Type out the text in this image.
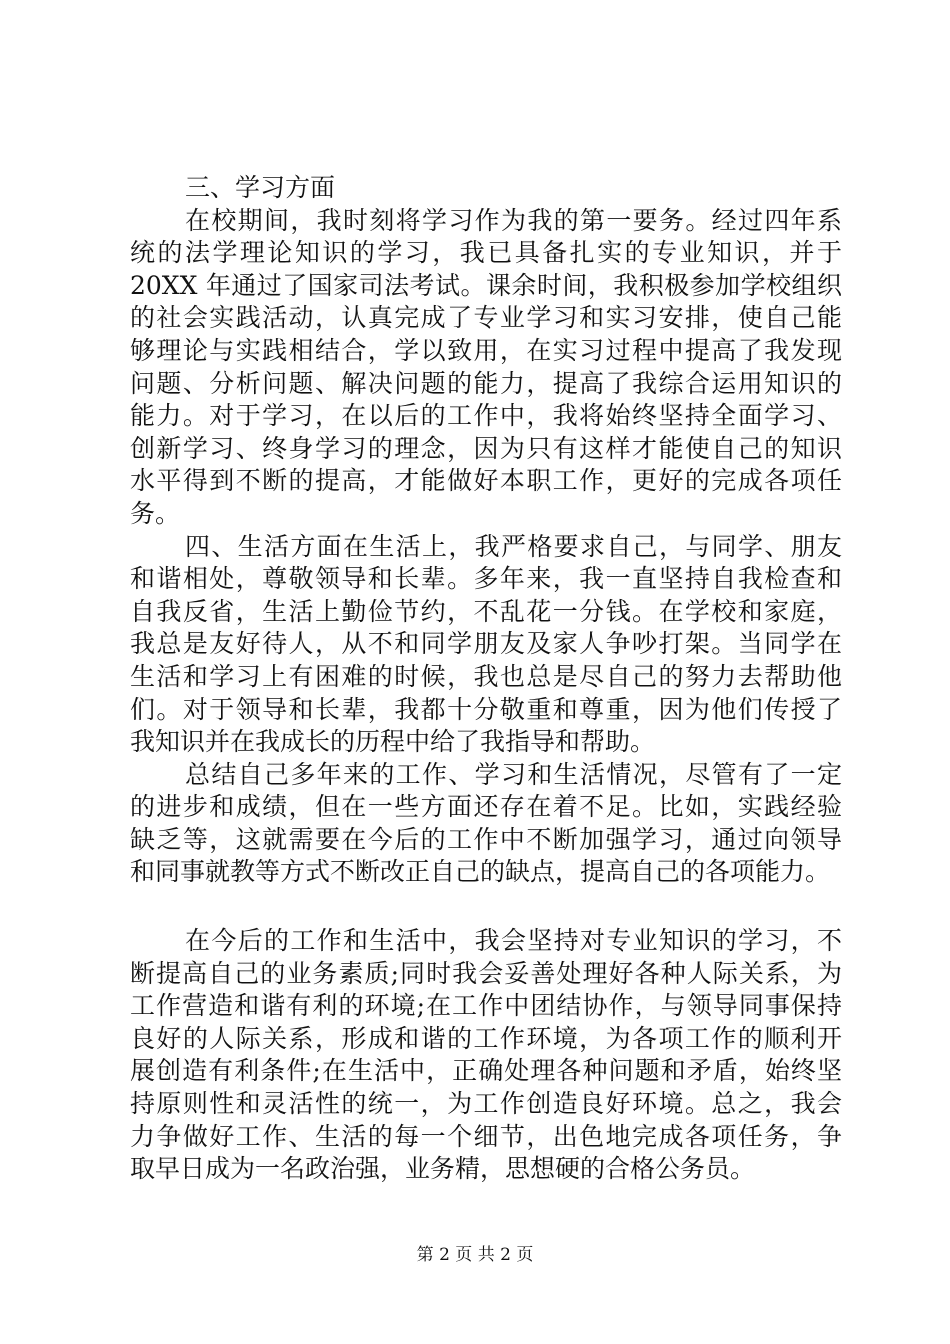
三、学习方面
在校期间，我时刻将学习作为我的第一要务。经过四年系
统的法学理论知识的学习，我已具备扎实的专业知识，并于
20XX 年通过了国家司法考试。课余时间，我积极参加学校组织
的社会实践活动，认真完成了专业学习和实习安排，使自己能
够理论与实践相结合，学以致用，在实习过程中提高了我发现
问题、分析问题、解决问题的能力，提高了我综合运用知识的
能力。对于学习，在以后的工作中，我将始终坚持全面学习、
创新学习、终身学习的理念，因为只有这样才能使自己的知识
水平得到不断的提高，才能做好本职工作，更好的完成各项任
务。
四、生活方面在生活上，我严格要求自己，与同学、朋友
和谐相处，尊敬领导和长辈。多年来，我一直坚持自我检查和
自我反省，生活上勤俭节约，不乱花一分钱。在学校和家庭，
我总是友好待人，从不和同学朋友及家人争吵打架。当同学在
生活和学习上有困难的时候，我也总是尽自己的努力去帮助他
们。对于领导和长辈，我都十分敬重和尊重，因为他们传授了
我知识并在我成长的历程中给了我指导和帮助。
总结自己多年来的工作、学习和生活情况，尽管有了一定
的进步和成绩，但在一些方面还存在着不足。比如，实践经验
缺乏等，这就需要在今后的工作中不断加强学习，通过向领导
和同事就教等方式不断改正自己的缺点，提高自己的各项能力。
在今后的工作和生活中，我会坚持对专业知识的学习，不
断提高自己的业务素质;同时我会妥善处理好各种人际关系，为
工作营造和谐有利的环境;在工作中团结协作，与领导同事保持
良好的人际关系，形成和谐的工作环境，为各项工作的顺利开
展创造有利条件;在生活中，正确处理各种问题和矛盾，始终坚
持原则性和灵活性的统一，为工作创造良好环境。总之，我会
力争做好工作、生活的每一个细节，出色地完成各项任务，争
取早日成为一名政治强，业务精，思想硬的合格公务员。
第 2 页 共 2 页
